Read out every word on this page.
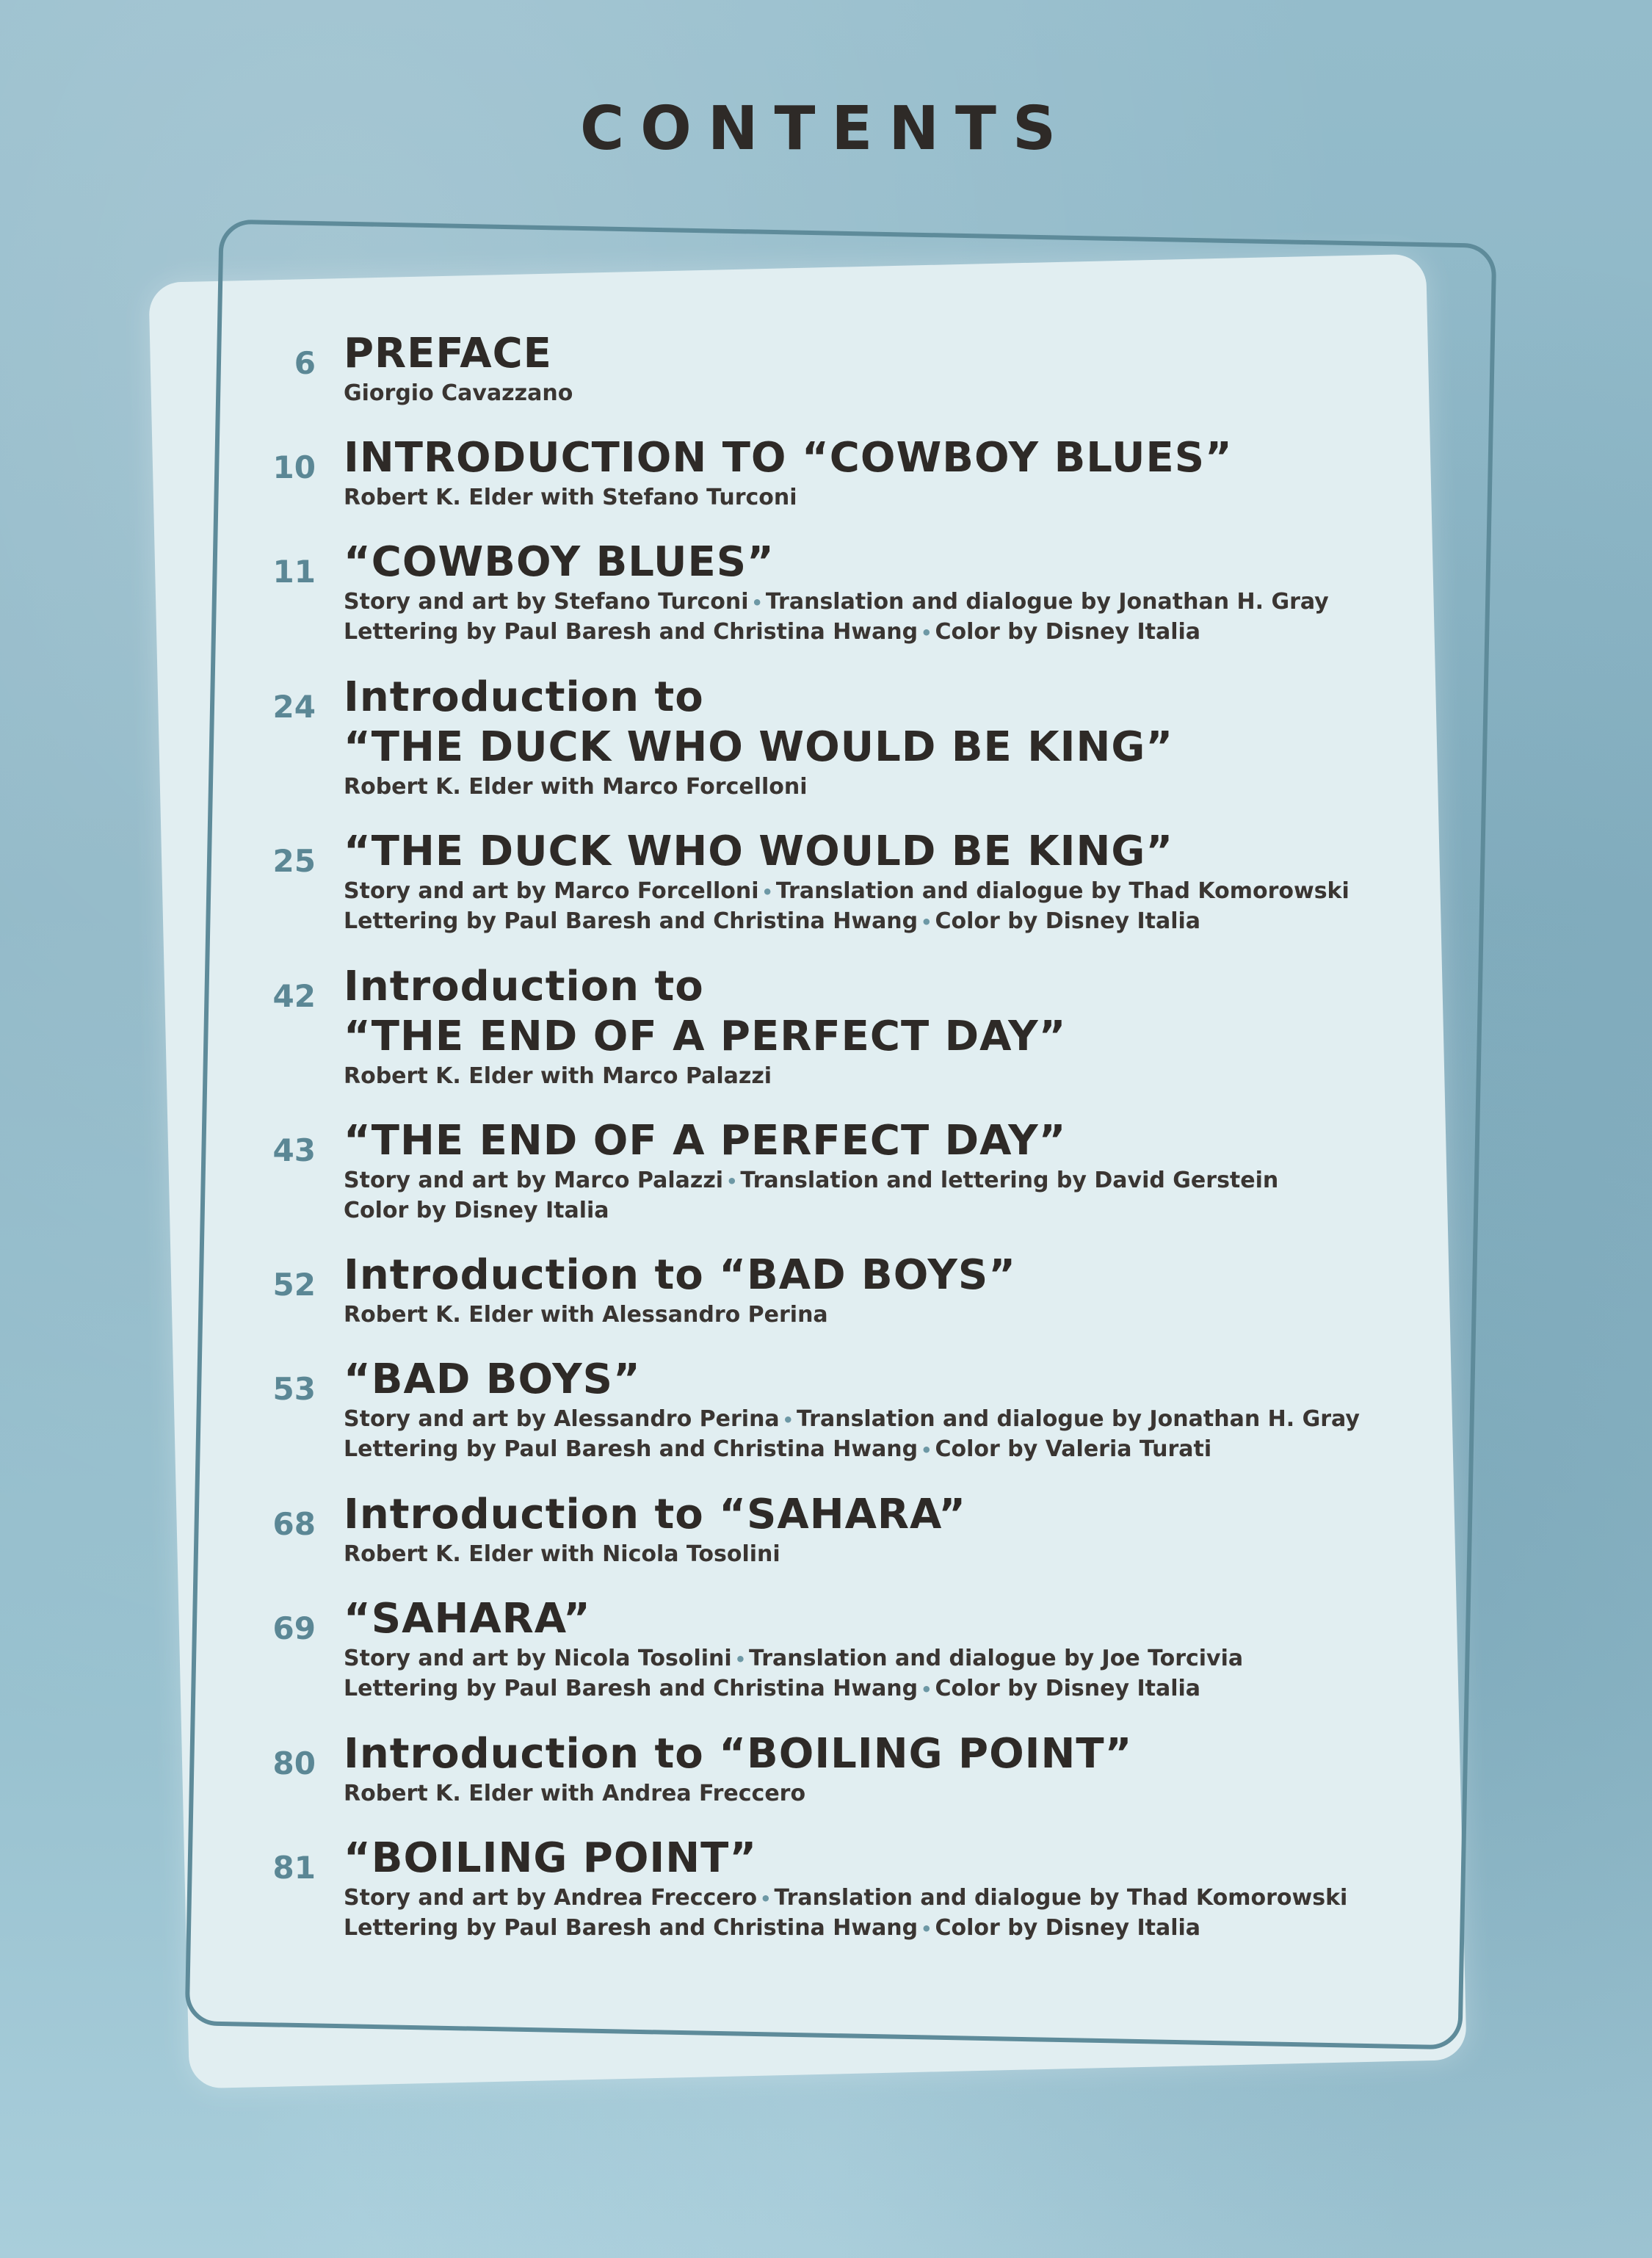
CONTENTS
6 PREFACE
Giorgio Cavazzano
10 INTRODUCTION TO “COWBOY BLUES”
Robert K. Elder with Stefano Turconi
11 “COWBOY BLUES”
Story and art by Stefano Turconi • Translation and dialogue by Jonathan H. Gray
Lettering by Paul Baresh and Christina Hwang • Color by Disney Italia
24 Introduction to
“THE DUCK WHO WOULD BE KING”
Robert K. Elder with Marco Forcelloni
25 “THE DUCK WHO WOULD BE KING”
Story and art by Marco Forcelloni • Translation and dialogue by Thad Komorowski
Lettering by Paul Baresh and Christina Hwang • Color by Disney Italia
42 Introduction to
“THE END OF A PERFECT DAY”
Robert K. Elder with Marco Palazzi
43 “THE END OF A PERFECT DAY”
Story and art by Marco Palazzi • Translation and lettering by David Gerstein
Color by Disney Italia
52 Introduction to “BAD BOYS”
Robert K. Elder with Alessandro Perina
53 “BAD BOYS”
Story and art by Alessandro Perina • Translation and dialogue by Jonathan H. Gray
Lettering by Paul Baresh and Christina Hwang • Color by Valeria Turati
68 Introduction to “SAHARA”
Robert K. Elder with Nicola Tosolini
69 “SAHARA”
Story and art by Nicola Tosolini • Translation and dialogue by Joe Torcivia
Lettering by Paul Baresh and Christina Hwang • Color by Disney Italia
80 Introduction to “BOILING POINT”
Robert K. Elder with Andrea Freccero
81 “BOILING POINT”
Story and art by Andrea Freccero • Translation and dialogue by Thad Komorowski
Lettering by Paul Baresh and Christina Hwang • Color by Disney Italia
